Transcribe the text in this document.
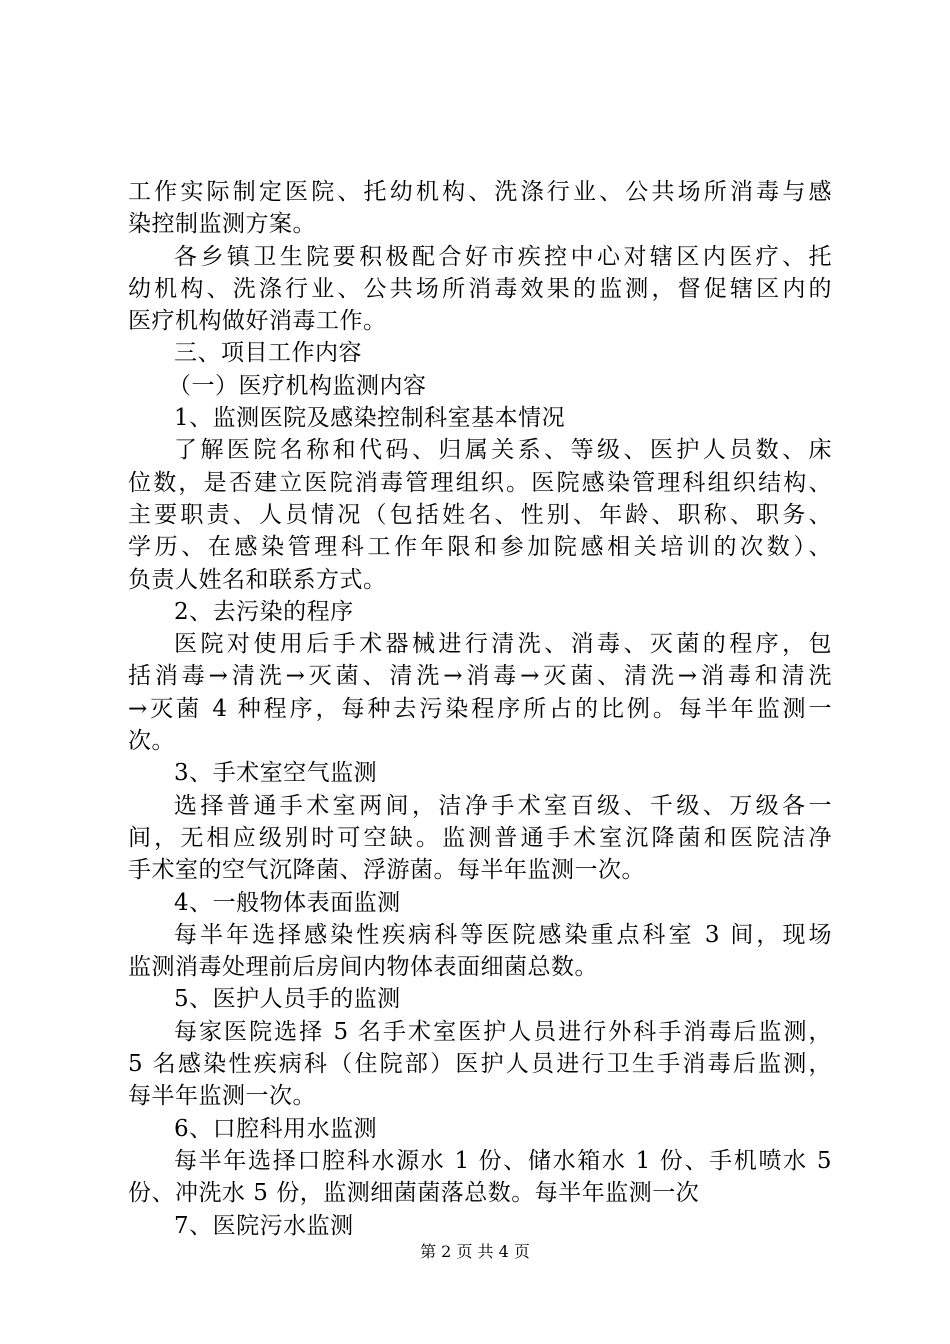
工作实际制定医院、托幼机构、洗涤行业、公共场所消毒与感
染控制监测方案。
各乡镇卫生院要积极配合好市疾控中心对辖区内医疗、托
幼机构、洗涤行业、公共场所消毒效果的监测，督促辖区内的
医疗机构做好消毒工作。
三、项目工作内容
（一）医疗机构监测内容
1、监测医院及感染控制科室基本情况
了解医院名称和代码、归属关系、等级、医护人员数、床
位数，是否建立医院消毒管理组织。医院感染管理科组织结构、
主要职责、人员情况（包括姓名、性别、年龄、职称、职务、
学历、在感染管理科工作年限和参加院感相关培训的次数）、
负责人姓名和联系方式。
2、去污染的程序
医院对使用后手术器械进行清洗、消毒、灭菌的程序，包
括消毒→清洗→灭菌、清洗→消毒→灭菌、清洗→消毒和清洗
→灭菌 4 种程序，每种去污染程序所占的比例。每半年监测一
次。
3、手术室空气监测
选择普通手术室两间，洁净手术室百级、千级、万级各一
间，无相应级别时可空缺。监测普通手术室沉降菌和医院洁净
手术室的空气沉降菌、浮游菌。每半年监测一次。
4、一般物体表面监测
每半年选择感染性疾病科等医院感染重点科室 3 间，现场
监测消毒处理前后房间内物体表面细菌总数。
5、医护人员手的监测
每家医院选择 5 名手术室医护人员进行外科手消毒后监测，
5 名感染性疾病科（住院部）医护人员进行卫生手消毒后监测，
每半年监测一次。
6、口腔科用水监测
每半年选择口腔科水源水 1 份、储水箱水 1 份、手机喷水 5
份、冲洗水 5 份，监测细菌菌落总数。每半年监测一次
7、医院污水监测
第 2 页 共 4 页
